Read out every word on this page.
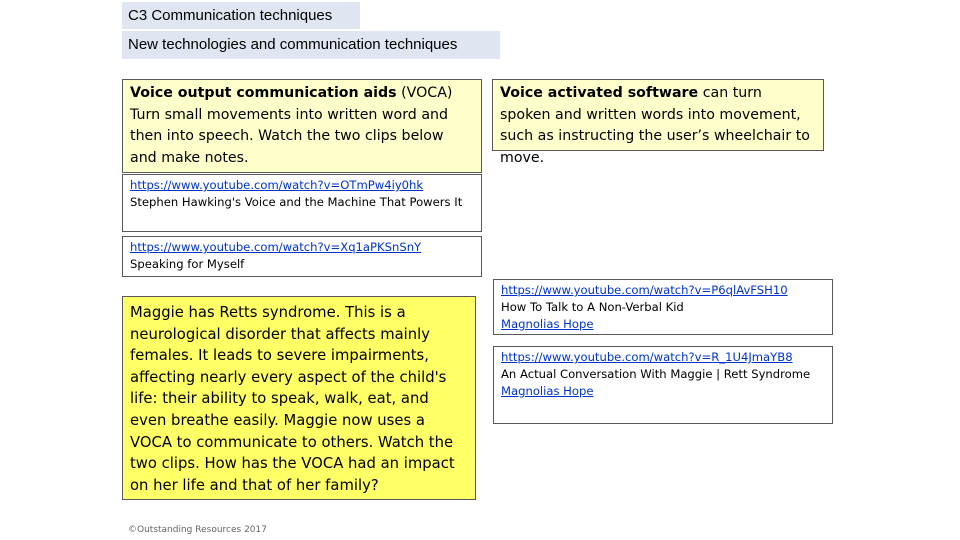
C3 Communication techniques
New technologies and communication techniques
Voice output communication aids (VOCA) Turn small movements into written word and then into speech. Watch the two clips below and make notes.
Voice activated software can turn spoken and written words into movement, such as instructing the user’s wheelchair to move.
https://www.youtube.com/watch?v=OTmPw4iy0hk
Stephen Hawking's Voice and the Machine That Powers It
https://www.youtube.com/watch?v=Xq1aPKSnSnY
Speaking for Myself
https://www.youtube.com/watch?v=P6qlAvFSH10
How To Talk to A Non-Verbal Kid
Magnolias Hope
https://www.youtube.com/watch?v=R_1U4JmaYB8
An Actual Conversation With Maggie | Rett Syndrome
Magnolias Hope
Maggie has Retts syndrome. This is a neurological disorder that affects mainly females. It leads to severe impairments, affecting nearly every aspect of the child's life: their ability to speak, walk, eat, and even breathe easily. Maggie now uses a VOCA to communicate to others. Watch the two clips. How has the VOCA had an impact on her life and that of her family?
©Outstanding Resources 2017
